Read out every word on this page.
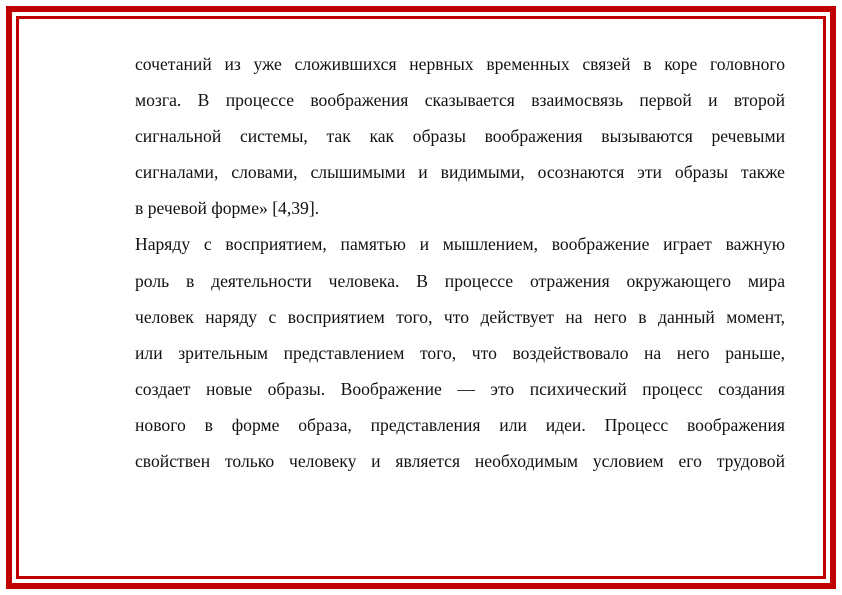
сочетаний из уже сложившихся нервных временных связей в коре головного
мозга. В процессе воображения сказывается взаимосвязь первой и второй
сигнальной системы, так как образы воображения вызываются речевыми
сигналами, словами, слышимыми и видимыми, осознаются эти образы также
в речевой форме» [4,39].
Наряду с восприятием, памятью и мышлением, воображение играет важную
роль в деятельности человека. В процессе отражения окружающего мира
человек наряду с восприятием того, что действует на него в данный момент,
или зрительным представлением того, что воздействовало на него раньше,
создает новые образы. Воображение — это психический процесс создания
нового в форме образа, представления или идеи. Процесс воображения
свойствен только человеку и является необходимым условием его трудовой
